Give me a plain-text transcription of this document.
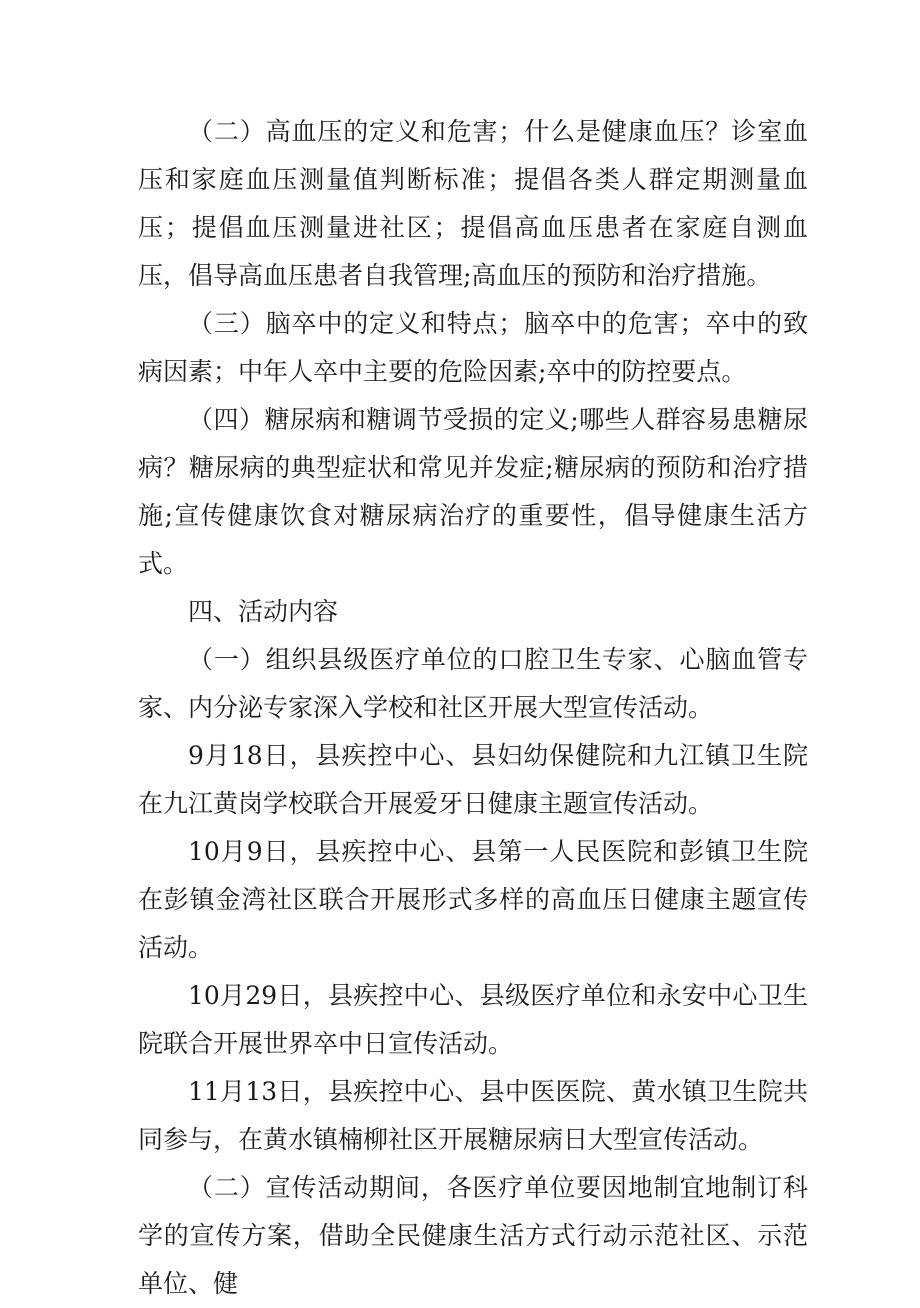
（二）高血压的定义和危害；什么是健康血压？诊室血压和家庭血压测量值判断标准；提倡各类人群定期测量血压；提倡血压测量进社区；提倡高血压患者在家庭自测血压，倡导高血压患者自我管理;高血压的预防和治疗措施。

（三）脑卒中的定义和特点；脑卒中的危害；卒中的致病因素；中年人卒中主要的危险因素;卒中的防控要点。

（四）糖尿病和糖调节受损的定义;哪些人群容易患糖尿病？糖尿病的典型症状和常见并发症;糖尿病的预防和治疗措施;宣传健康饮食对糖尿病治疗的重要性，倡导健康生活方式。

四、活动内容

（一）组织县级医疗单位的口腔卫生专家、心脑血管专家、内分泌专家深入学校和社区开展大型宣传活动。

9月18日，县疾控中心、县妇幼保健院和九江镇卫生院在九江黄岗学校联合开展爱牙日健康主题宣传活动。

10月9日，县疾控中心、县第一人民医院和彭镇卫生院在彭镇金湾社区联合开展形式多样的高血压日健康主题宣传活动。

10月29日，县疾控中心、县级医疗单位和永安中心卫生院联合开展世界卒中日宣传活动。

11月13日，县疾控中心、县中医医院、黄水镇卫生院共同参与，在黄水镇楠柳社区开展糖尿病日大型宣传活动。

（二）宣传活动期间，各医疗单位要因地制宜地制订科学的宣传方案，借助全民健康生活方式行动示范社区、示范单位、健
